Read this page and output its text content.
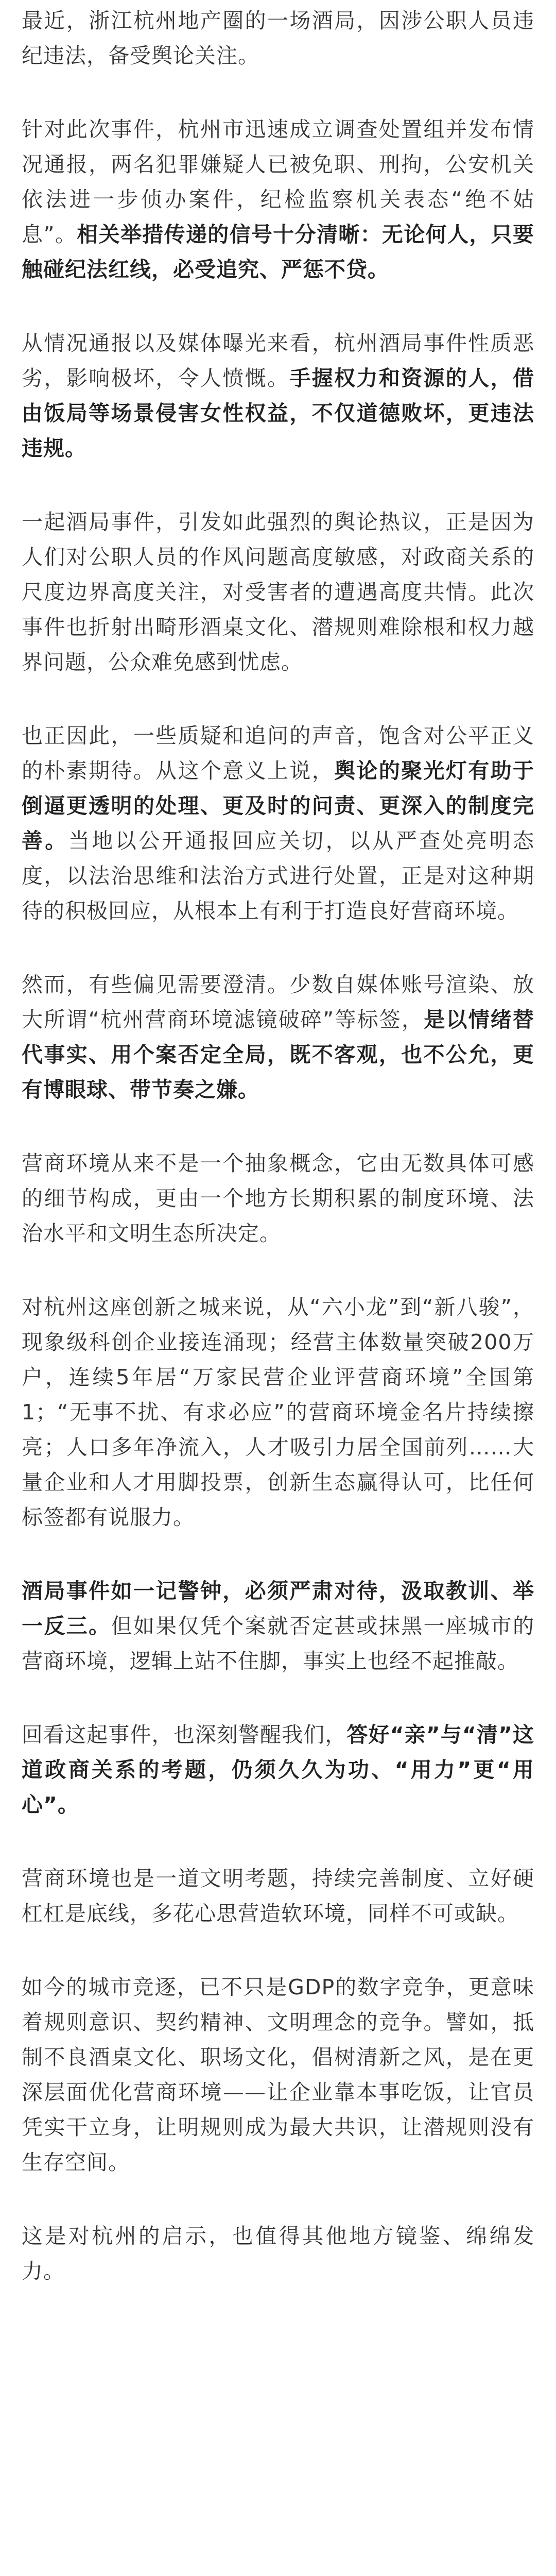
最近，浙江杭州地产圈的一场酒局，因涉公职人员违纪违法，备受舆论关注。

针对此次事件，杭州市迅速成立调查处置组并发布情况通报，两名犯罪嫌疑人已被免职、刑拘，公安机关依法进一步侦办案件，纪检监察机关表态“绝不姑息”。相关举措传递的信号十分清晰：无论何人，只要触碰纪法红线，必受追究、严惩不贷。

从情况通报以及媒体曝光来看，杭州酒局事件性质恶劣，影响极坏，令人愤慨。手握权力和资源的人，借由饭局等场景侵害女性权益，不仅道德败坏，更违法违规。

一起酒局事件，引发如此强烈的舆论热议，正是因为人们对公职人员的作风问题高度敏感，对政商关系的尺度边界高度关注，对受害者的遭遇高度共情。此次事件也折射出畸形酒桌文化、潜规则难除根和权力越界问题，公众难免感到忧虑。

也正因此，一些质疑和追问的声音，饱含对公平正义的朴素期待。从这个意义上说，舆论的聚光灯有助于倒逼更透明的处理、更及时的问责、更深入的制度完善。当地以公开通报回应关切，以从严查处亮明态度，以法治思维和法治方式进行处置，正是对这种期待的积极回应，从根本上有利于打造良好营商环境。

然而，有些偏见需要澄清。少数自媒体账号渲染、放大所谓“杭州营商环境滤镜破碎”等标签，是以情绪替代事实、用个案否定全局，既不客观，也不公允，更有博眼球、带节奏之嫌。

营商环境从来不是一个抽象概念，它由无数具体可感的细节构成，更由一个地方长期积累的制度环境、法治水平和文明生态所决定。

对杭州这座创新之城来说，从“六小龙”到“新八骏”，现象级科创企业接连涌现；经营主体数量突破200万户，连续5年居“万家民营企业评营商环境”全国第1；“无事不扰、有求必应”的营商环境金名片持续擦亮；人口多年净流入，人才吸引力居全国前列……大量企业和人才用脚投票，创新生态赢得认可，比任何标签都有说服力。

酒局事件如一记警钟，必须严肃对待，汲取教训、举一反三。但如果仅凭个案就否定甚或抹黑一座城市的营商环境，逻辑上站不住脚，事实上也经不起推敲。

回看这起事件，也深刻警醒我们，答好“亲”与“清”这道政商关系的考题，仍须久久为功、“用力”更“用心”。

营商环境也是一道文明考题，持续完善制度、立好硬杠杠是底线，多花心思营造软环境，同样不可或缺。

如今的城市竞逐，已不只是GDP的数字竞争，更意味着规则意识、契约精神、文明理念的竞争。譬如，抵制不良酒桌文化、职场文化，倡树清新之风，是在更深层面优化营商环境——让企业靠本事吃饭，让官员凭实干立身，让明规则成为最大共识，让潜规则没有生存空间。

这是对杭州的启示，也值得其他地方镜鉴、绵绵发力。
